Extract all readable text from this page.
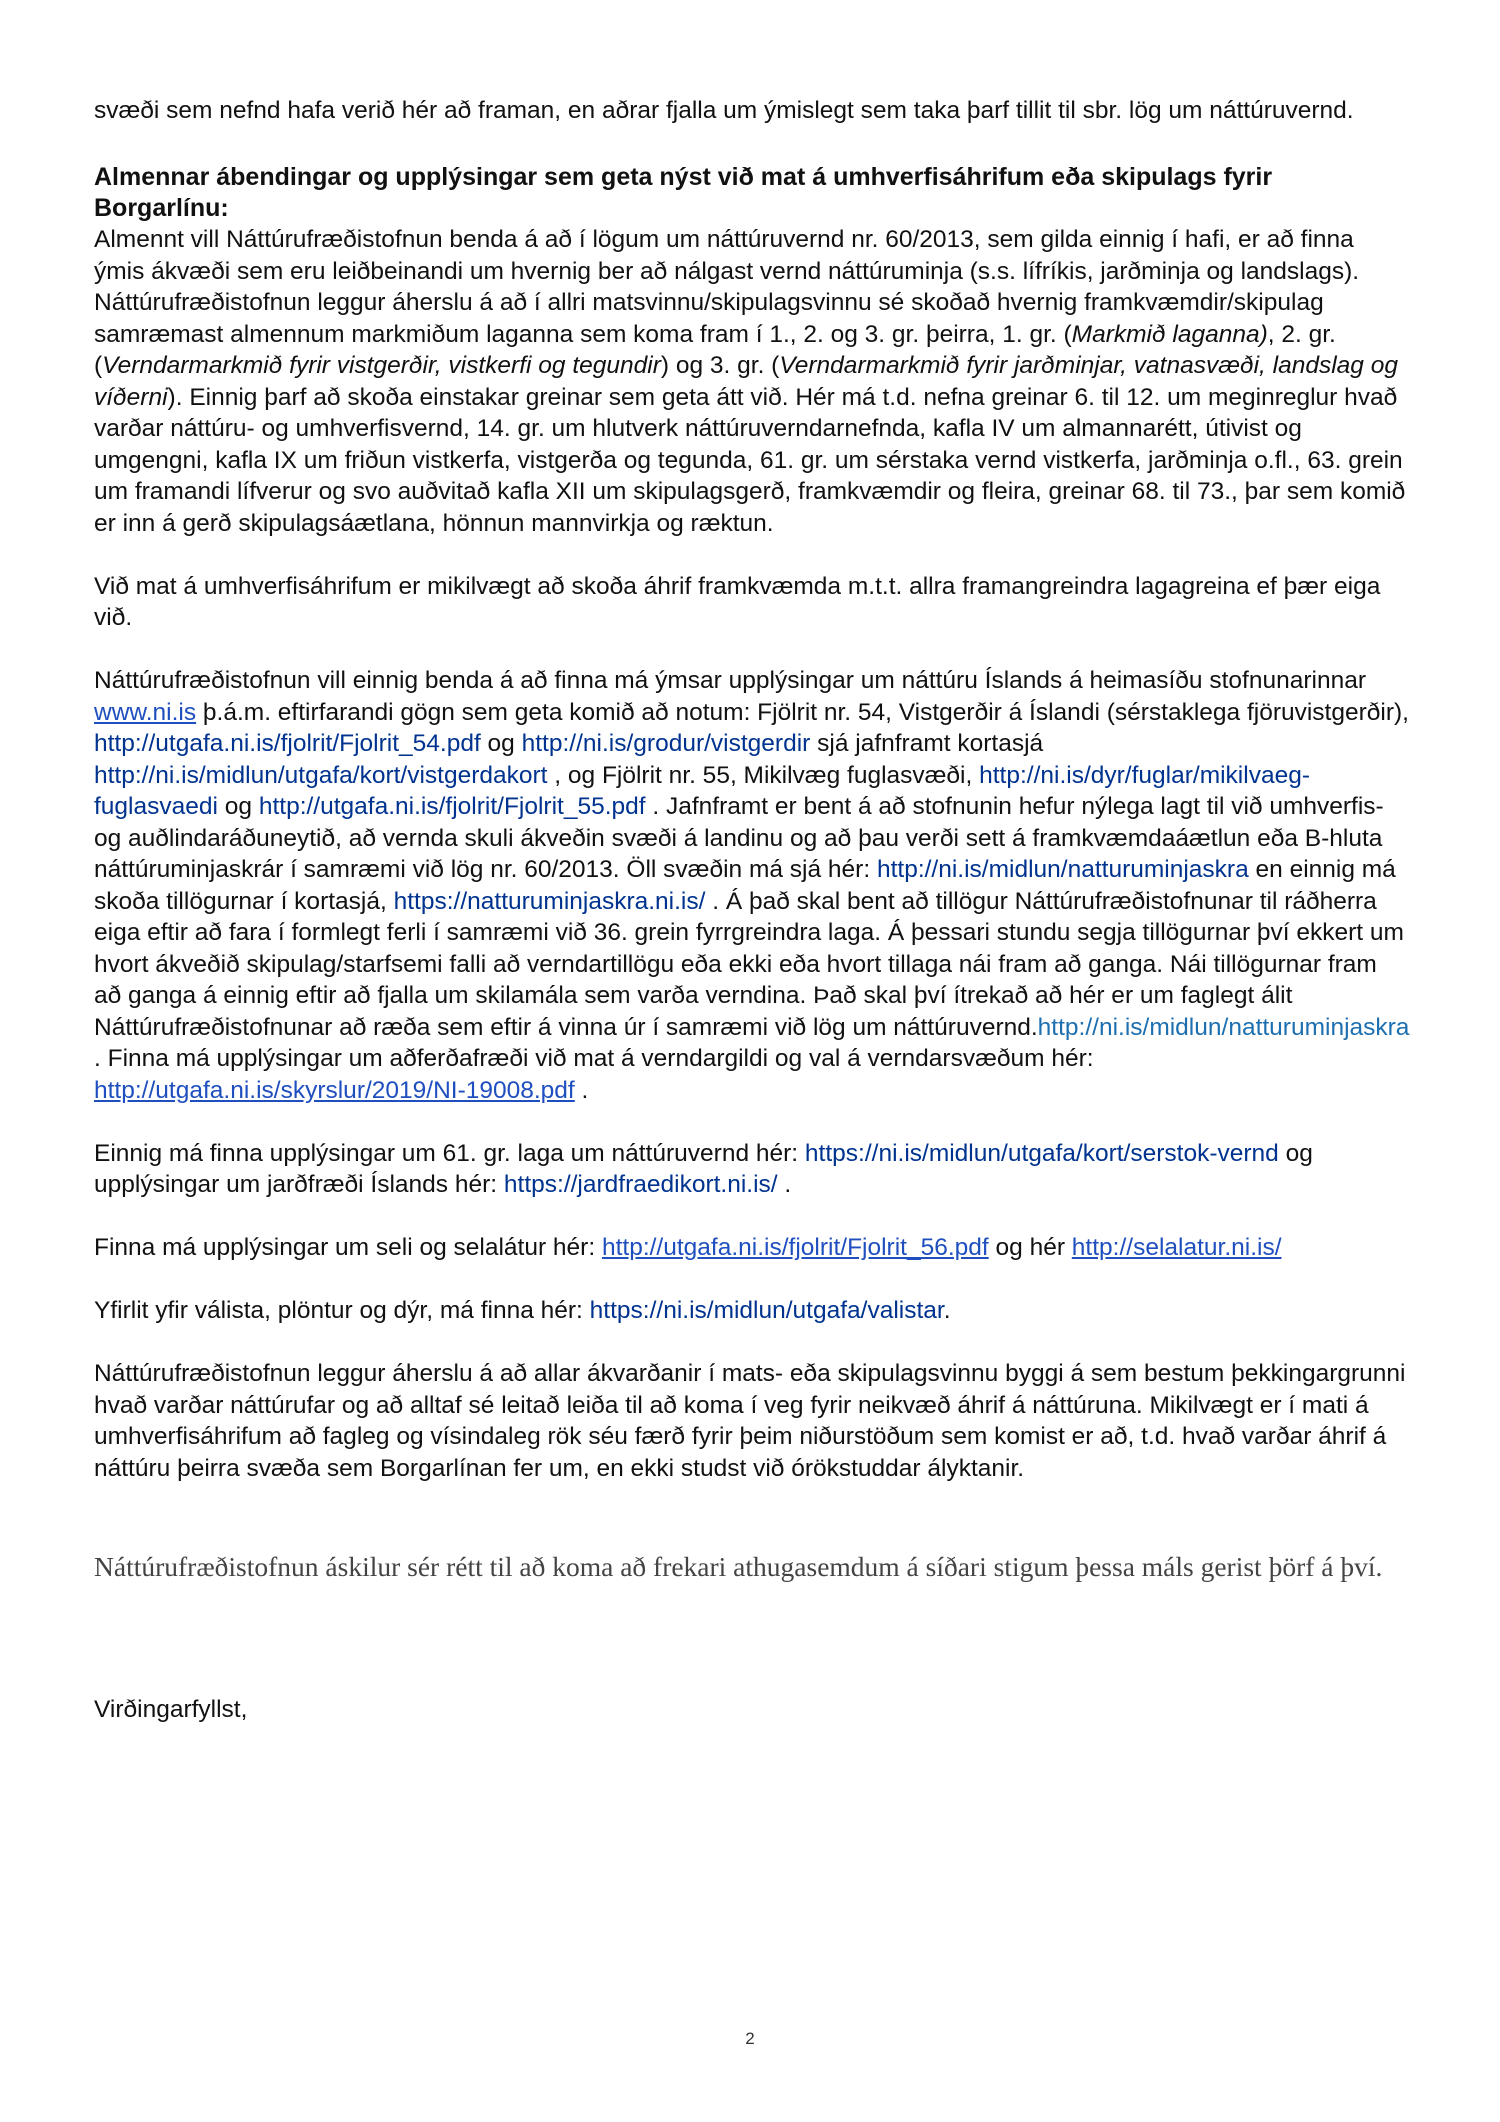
svæði sem nefnd hafa verið hér að framan, en aðrar fjalla um ýmislegt sem taka þarf tillit til sbr. lög um náttúruvernd.

Almennar ábendingar og upplýsingar sem geta nýst við mat á umhverfisáhrifum eða skipulags fyrir Borgarlínu:

Almennt vill Náttúrufræðistofnun benda á að í lögum um náttúruvernd nr. 60/2013, sem gilda einnig í hafi, er að finna ýmis ákvæði sem eru leiðbeinandi um hvernig ber að nálgast vernd náttúruminja (s.s. lífríkis, jarðminja og landslags). Náttúrufræðistofnun leggur áherslu á að í allri matsvinnu/skipulagsvinnu sé skoðað hvernig framkvæmdir/skipulag samræmast almennum markmiðum laganna sem koma fram í 1., 2. og 3. gr. þeirra, 1. gr. (Markmið laganna), 2. gr. (Verndarmarkmið fyrir vistgerðir, vistkerfi og tegundir) og 3. gr. (Verndarmarkmið fyrir jarðminjar, vatnasvæði, landslag og víðerni). Einnig þarf að skoða einstakar greinar sem geta átt við. Hér má t.d. nefna greinar 6. til 12. um meginreglur hvað varðar náttúru- og umhverfisvernd, 14. gr. um hlutverk náttúruverndarnefnda, kafla IV um almannarétt, útivist og umgengni, kafla IX um friðun vistkerfa, vistgerða og tegunda, 61. gr. um sérstaka vernd vistkerfa, jarðminja o.fl., 63. grein um framandi lífverur og svo auðvitað kafla XII um skipulagsgerð, framkvæmdir og fleira, greinar 68. til 73., þar sem komið er inn á gerð skipulagsáætlana, hönnun mannvirkja og ræktun.

Við mat á umhverfisáhrifum er mikilvægt að skoða áhrif framkvæmda m.t.t. allra framangreindra lagagreina ef þær eiga við.

Náttúrufræðistofnun vill einnig benda á að finna má ýmsar upplýsingar um náttúru Íslands á heimasíðu stofnunarinnar www.ni.is þ.á.m. eftirfarandi gögn sem geta komið að notum: Fjölrit nr. 54, Vistgerðir á Íslandi (sérstaklega fjöruvistgerðir), http://utgafa.ni.is/fjolrit/Fjolrit_54.pdf og http://ni.is/grodur/vistgerdir sjá jafnframt kortasjá http://ni.is/midlun/utgafa/kort/vistgerdakort , og Fjölrit nr. 55, Mikilvæg fuglasvæði, http://ni.is/dyr/fuglar/mikilvaeg-fuglasvaedi og http://utgafa.ni.is/fjolrit/Fjolrit_55.pdf . Jafnframt er bent á að stofnunin hefur nýlega lagt til við umhverfis- og auðlindaráðuneytið, að vernda skuli ákveðin svæði á landinu og að þau verði sett á framkvæmdaáætlun eða B-hluta náttúruminjaskrár í samræmi við lög nr. 60/2013. Öll svæðin má sjá hér: http://ni.is/midlun/natturuminjaskra en einnig má skoða tillögurnar í kortasjá, https://natturuminjaskra.ni.is/ . Á það skal bent að tillögur Náttúrufræðistofnunar til ráðherra eiga eftir að fara í formlegt ferli í samræmi við 36. grein fyrrgreindra laga. Á þessari stundu segja tillögurnar því ekkert um hvort ákveðið skipulag/starfsemi falli að verndartillögu eða ekki eða hvort tillaga nái fram að ganga. Nái tillögurnar fram að ganga á einnig eftir að fjalla um skilamála sem varða verndina. Það skal því ítrekað að hér er um faglegt álit Náttúrufræðistofnunar að ræða sem eftir á vinna úr í samræmi við lög um náttúruvernd.http://ni.is/midlun/natturuminjaskra . Finna má upplýsingar um aðferðafræði við mat á verndargildi og val á verndarsvæðum hér: http://utgafa.ni.is/skyrslur/2019/NI-19008.pdf .

Einnig má finna upplýsingar um 61. gr. laga um náttúruvernd hér: https://ni.is/midlun/utgafa/kort/serstok-vernd og upplýsingar um jarðfræði Íslands hér: https://jardfraedikort.ni.is/ .

Finna má upplýsingar um seli og selalátur hér: http://utgafa.ni.is/fjolrit/Fjolrit_56.pdf og hér http://selalatur.ni.is/

Yfirlit yfir válista, plöntur og dýr, má finna hér: https://ni.is/midlun/utgafa/valistar.

Náttúrufræðistofnun leggur áherslu á að allar ákvarðanir í mats- eða skipulagsvinnu byggi á sem bestum þekkingargrunni hvað varðar náttúrufar og að alltaf sé leitað leiða til að koma í veg fyrir neikvæð áhrif á náttúruna. Mikilvægt er í mati á umhverfisáhrifum að fagleg og vísindaleg rök séu færð fyrir þeim niðurstöðum sem komist er að, t.d. hvað varðar áhrif á náttúru þeirra svæða sem Borgarlínan fer um, en ekki studst við órökstuddar ályktanir.

Náttúrufræðistofnun áskilur sér rétt til að koma að frekari athugasemdum á síðari stigum þessa máls gerist þörf á því.

Virðingarfyllst,

2
